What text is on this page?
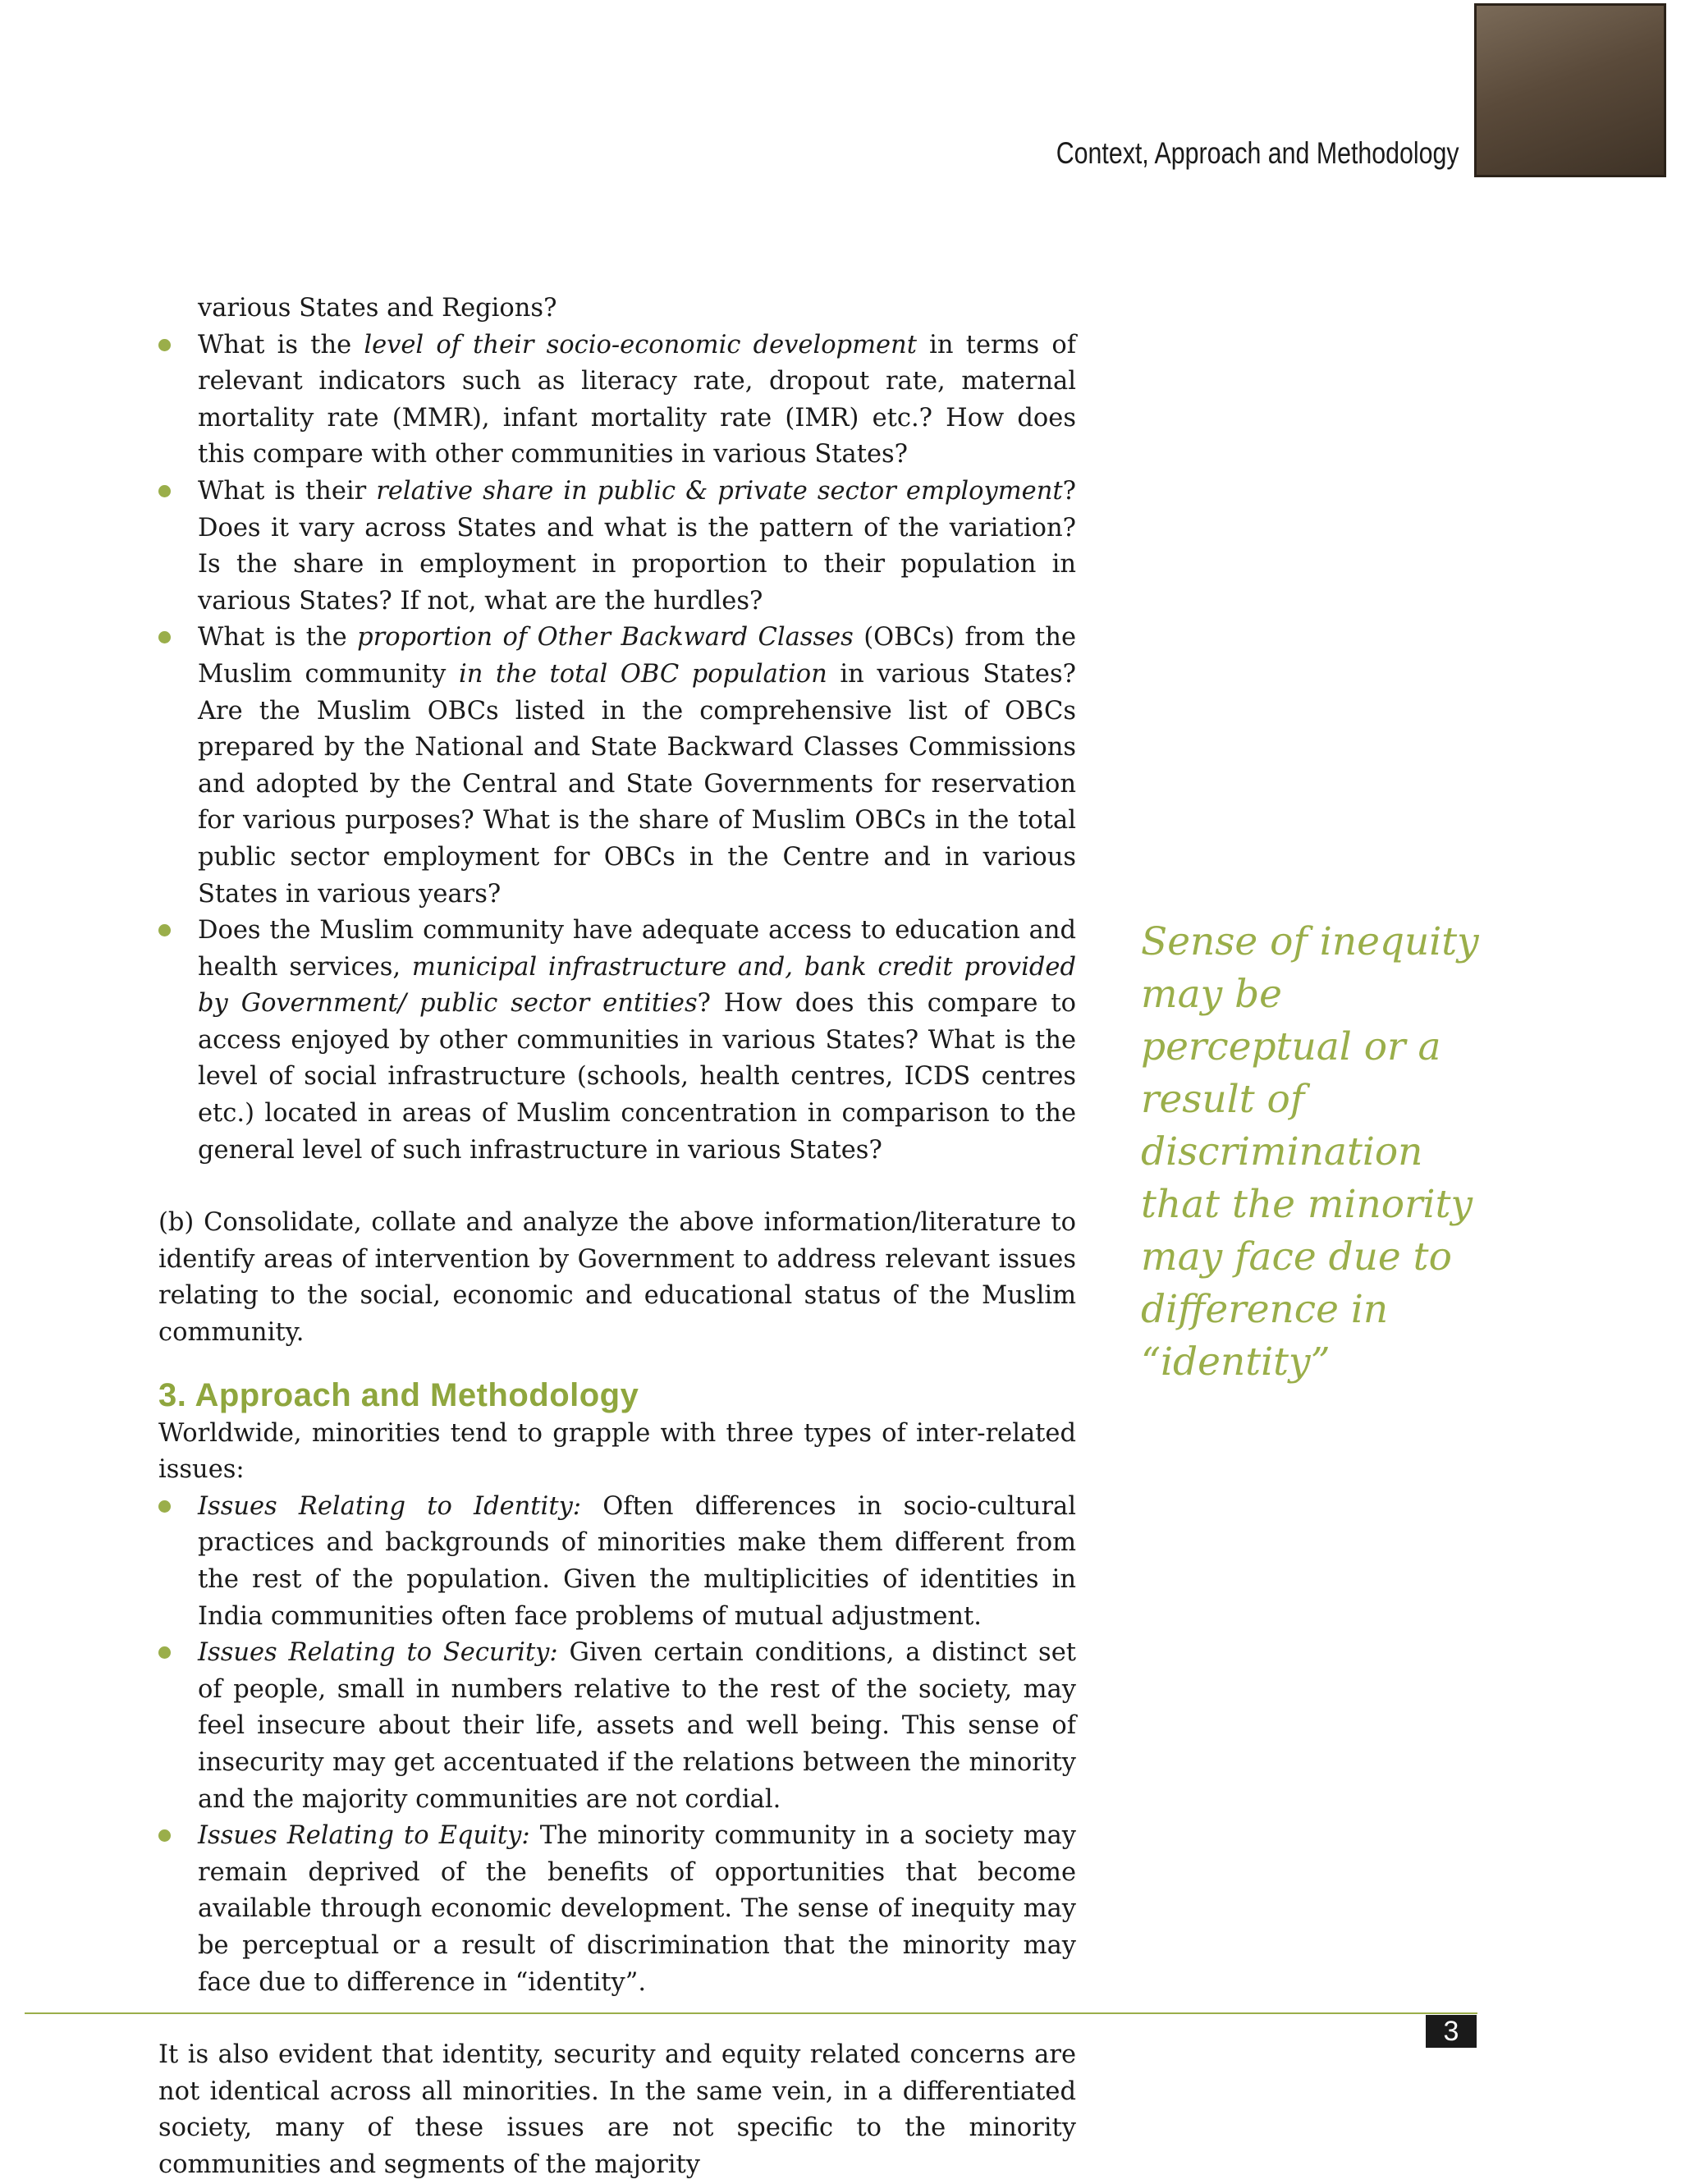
Context, Approach and Methodology

various States and Regions?

What is the level of their socio-economic development in terms of relevant indicators such as literacy rate, dropout rate, maternal mortality rate (MMR), infant mortality rate (IMR) etc.? How does this compare with other communities in various States?
What is their relative share in public & private sector employment? Does it vary across States and what is the pattern of the variation? Is the share in employment in proportion to their population in various States? If not, what are the hurdles?
What is the proportion of Other Backward Classes (OBCs) from the Muslim community in the total OBC population in various States? Are the Muslim OBCs listed in the comprehensive list of OBCs prepared by the National and State Backward Classes Commissions and adopted by the Central and State Governments for reservation for various purposes? What is the share of Muslim OBCs in the total public sector employment for OBCs in the Centre and in various States in various years?
Does the Muslim community have adequate access to education and health services, municipal infrastructure and, bank credit provided by Government/ public sector entities? How does this compare to access enjoyed by other communities in various States? What is the level of social infrastructure (schools, health centres, ICDS centres etc.) located in areas of Muslim concentration in comparison to the general level of such infrastructure in various States?

(b) Consolidate, collate and analyze the above information/literature to identify areas of intervention by Government to address relevant issues relating to the social, economic and educational status of the Muslim community.

3. Approach and Methodology

Worldwide, minorities tend to grapple with three types of inter-related issues:

Issues Relating to Identity: Often differences in socio-cultural practices and backgrounds of minorities make them different from the rest of the population. Given the multiplicities of identities in India communities often face problems of mutual adjustment.
Issues Relating to Security: Given certain conditions, a distinct set of people, small in numbers relative to the rest of the society, may feel insecure about their life, assets and well being. This sense of insecurity may get accentuated if the relations between the minority and the majority communities are not cordial.
Issues Relating to Equity: The minority community in a society may remain deprived of the benefits of opportunities that become available through economic development. The sense of inequity may be perceptual or a result of discrimination that the minority may face due to difference in “identity”.

It is also evident that identity, security and equity related concerns are not identical across all minorities. In the same vein, in a differentiated society, many of these issues are not specific to the minority communities and segments of the majority

Sense of inequity may be perceptual or a result of discrimination that the minority may face due to difference in “identity”
3
